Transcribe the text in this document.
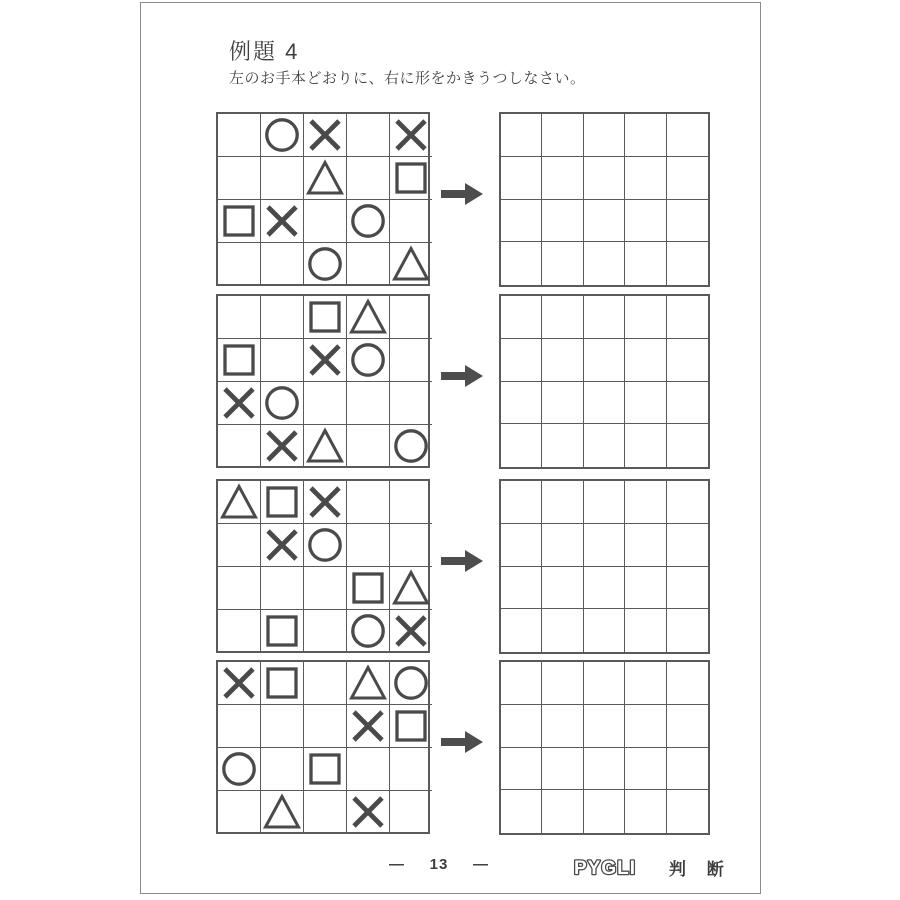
例題 4
左のお手本どおりに、右に形をかきうつしなさい。
— 13 —	PYGLI 判 断
